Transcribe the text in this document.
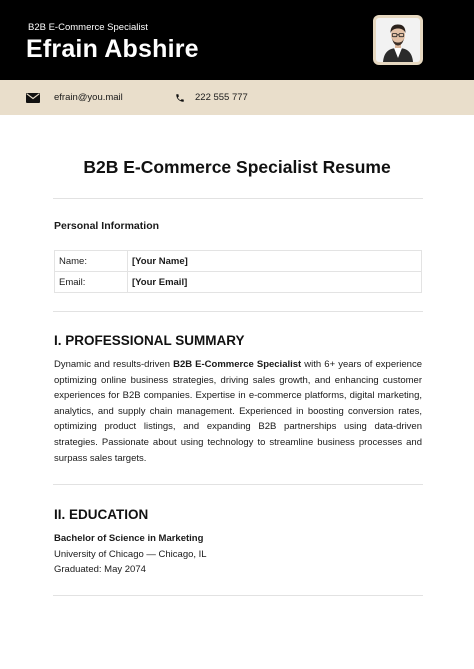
B2B E-Commerce Specialist
Efrain Abshire
efrain@you.mail	222 555 777
B2B E-Commerce Specialist Resume
Personal Information
Name:	[Your Name]
Email:	[Your Email]
I. PROFESSIONAL SUMMARY
Dynamic and results-driven B2B E-Commerce Specialist with 6+ years of experience optimizing online business strategies, driving sales growth, and enhancing customer experiences for B2B companies. Expertise in e-commerce platforms, digital marketing, analytics, and supply chain management. Experienced in boosting conversion rates, optimizing product listings, and expanding B2B partnerships using data-driven strategies. Passionate about using technology to streamline business processes and surpass sales targets.
II. EDUCATION
Bachelor of Science in Marketing
University of Chicago — Chicago, IL
Graduated: May 2074
